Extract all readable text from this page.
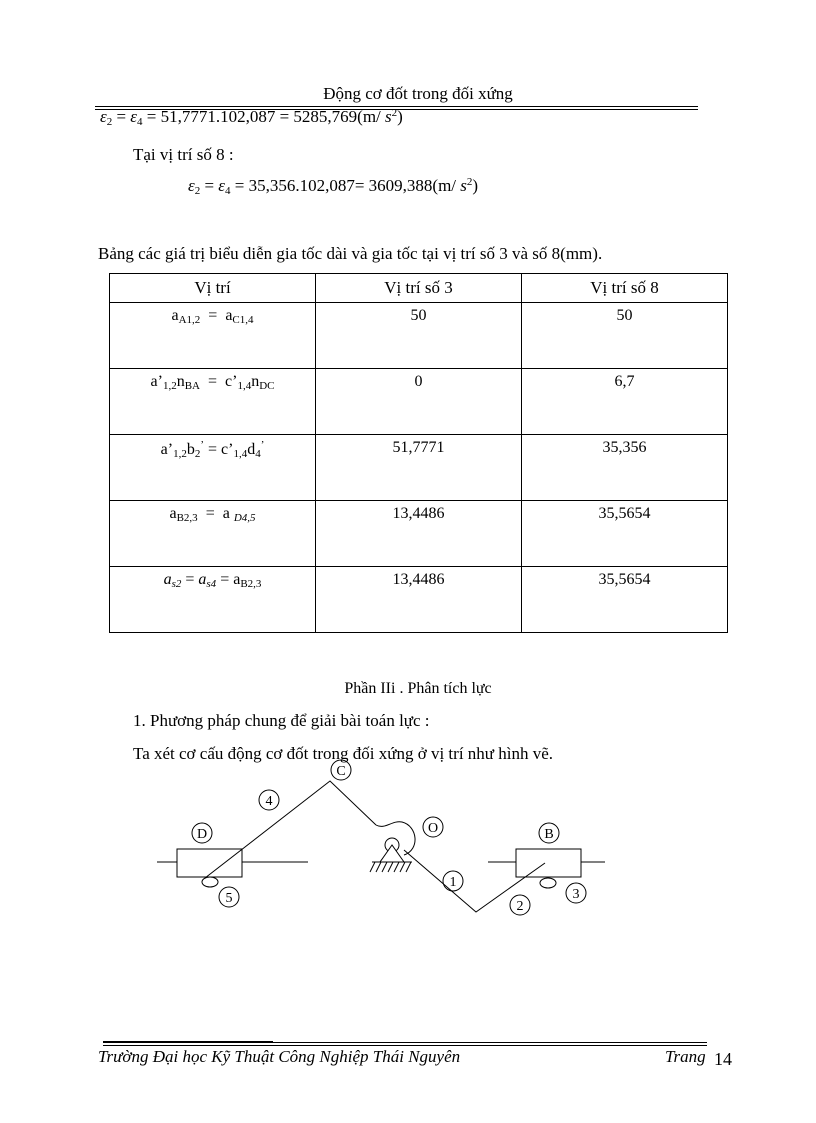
Động cơ đốt trong đối xứng
$\varepsilon_2 = \varepsilon_4 = 51,7771.102,087 = 5285,769(m/$ $s^2$)
Tại vị trí số 8 :
$\varepsilon_2 = \varepsilon_4 = 35,356.102,087= 3609,388(m/$ $s^2$)
Bảng các giá trị biểu diễn gia tốc dài và gia tốc tại vị trí số 3 và số 8(mm).
Vị trí	Vị trí số 3	Vị trí số 8
$a_{A1,2} = a_{C1,4}$	50	50
$a’_{1,2}n_{BA}$  =  $c’_{1,4}n_{DC}$	0	6,7
$a’_{1,2}b_2^’$ = $c’_{1,4}d_4^’$	51,7771	35,356
$a_{B2,3} = a$ $_{D4,5}$	13,4486	35,5654
$a_{s2} = a_{s4} = a_{B2,3}$	13,4486	35,5654
Phần IIi . Phân tích lực
1. Phương pháp chung để giải bài toán lực :
Ta xét cơ cấu động cơ đốt trong đối xứng ở vị trí như hình vẽ.
C
4
O
D	B
1
2
3
5
Trường Đại học Kỹ Thuật Công Nghiệp Thái Nguyên	Trang 14
